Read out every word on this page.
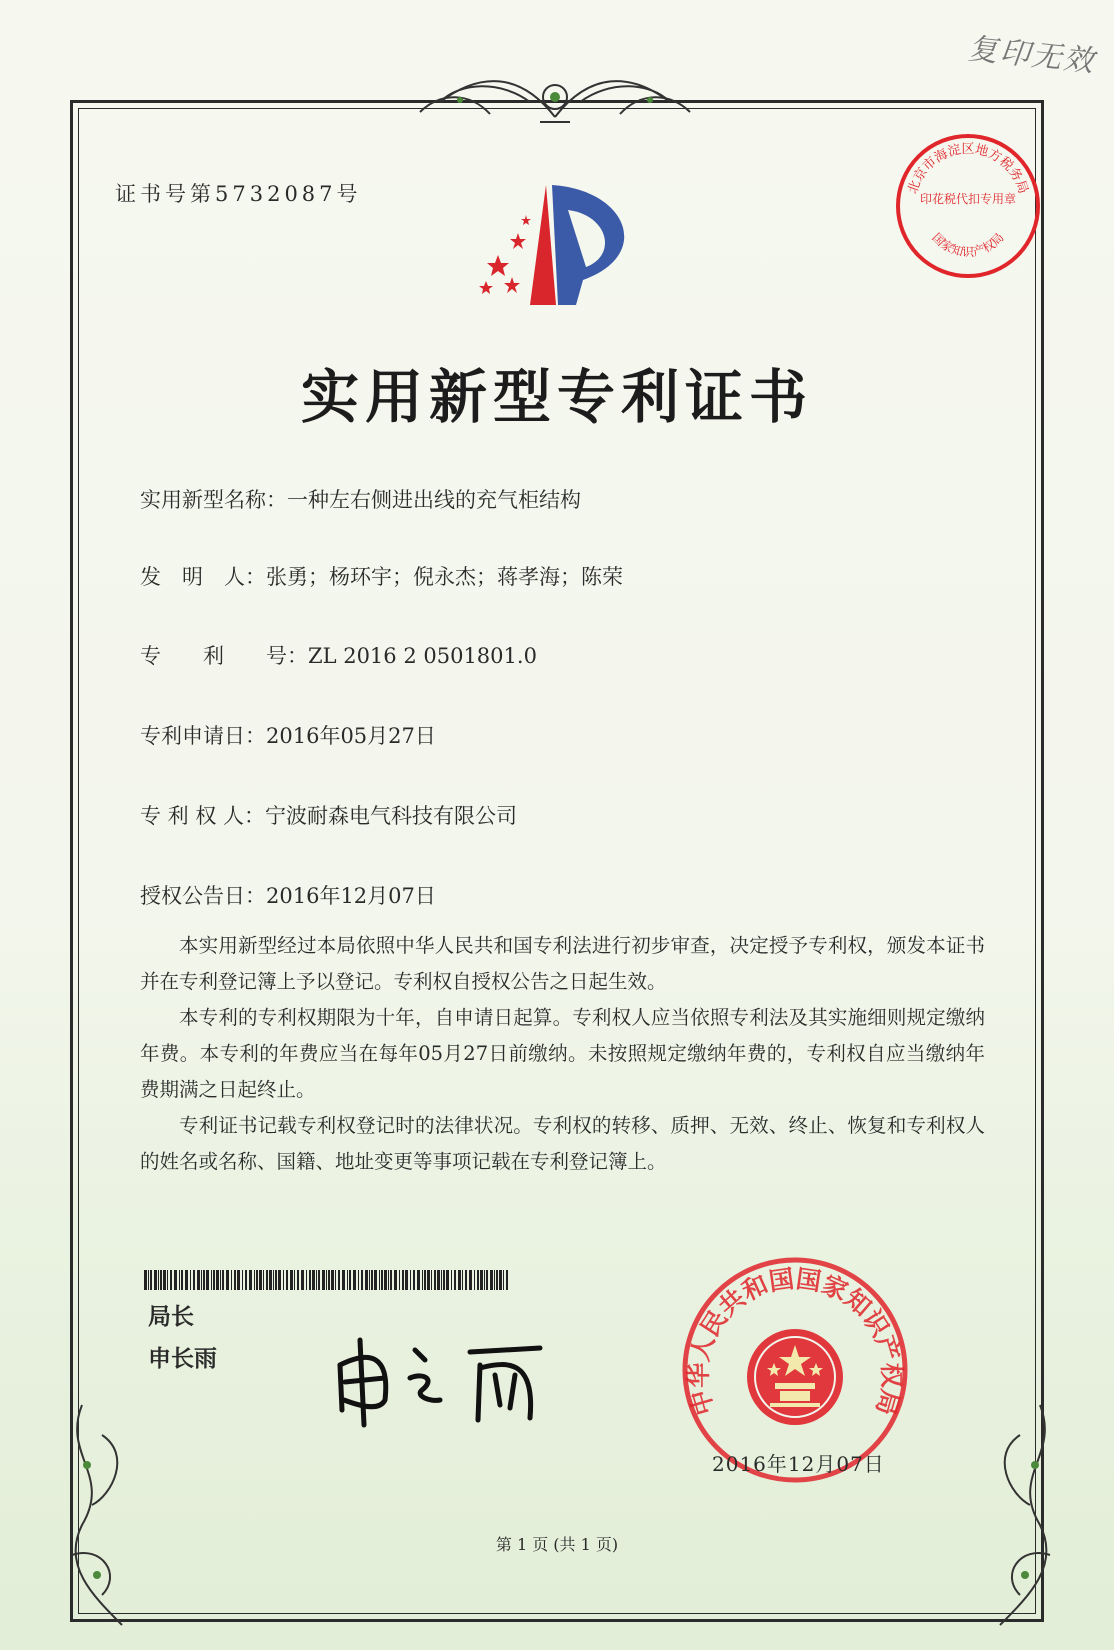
复印无效
证书号第5732087号	北京市海淀区地方税务局
印花税代扣专用章
国家知识产权局
实用新型专利证书
实用新型名称：一种左右侧进出线的充气柜结构
发　明　人：张勇；杨环宇；倪永杰；蒋孝海；陈荣
专　　利　　号：ZL 2016 2 0501801.0
专利申请日：2016年05月27日
专 利 权 人：宁波耐森电气科技有限公司
授权公告日：2016年12月07日

本实用新型经过本局依照中华人民共和国专利法进行初步审查，决定授予专利权，颁发本证书并在专利登记簿上予以登记。专利权自授权公告之日起生效。

本专利的专利权期限为十年，自申请日起算。专利权人应当依照专利法及其实施细则规定缴纳年费。本专利的年费应当在每年05月27日前缴纳。未按照规定缴纳年费的，专利权自应当缴纳年费期满之日起终止。

专利证书记载专利权登记时的法律状况。专利权的转移、质押、无效、终止、恢复和专利权人的姓名或名称、国籍、地址变更等事项记载在专利登记簿上。

局长
申长雨
中华人民共和国国家知识产权局
2016年12月07日
第 1 页 (共 1 页)
